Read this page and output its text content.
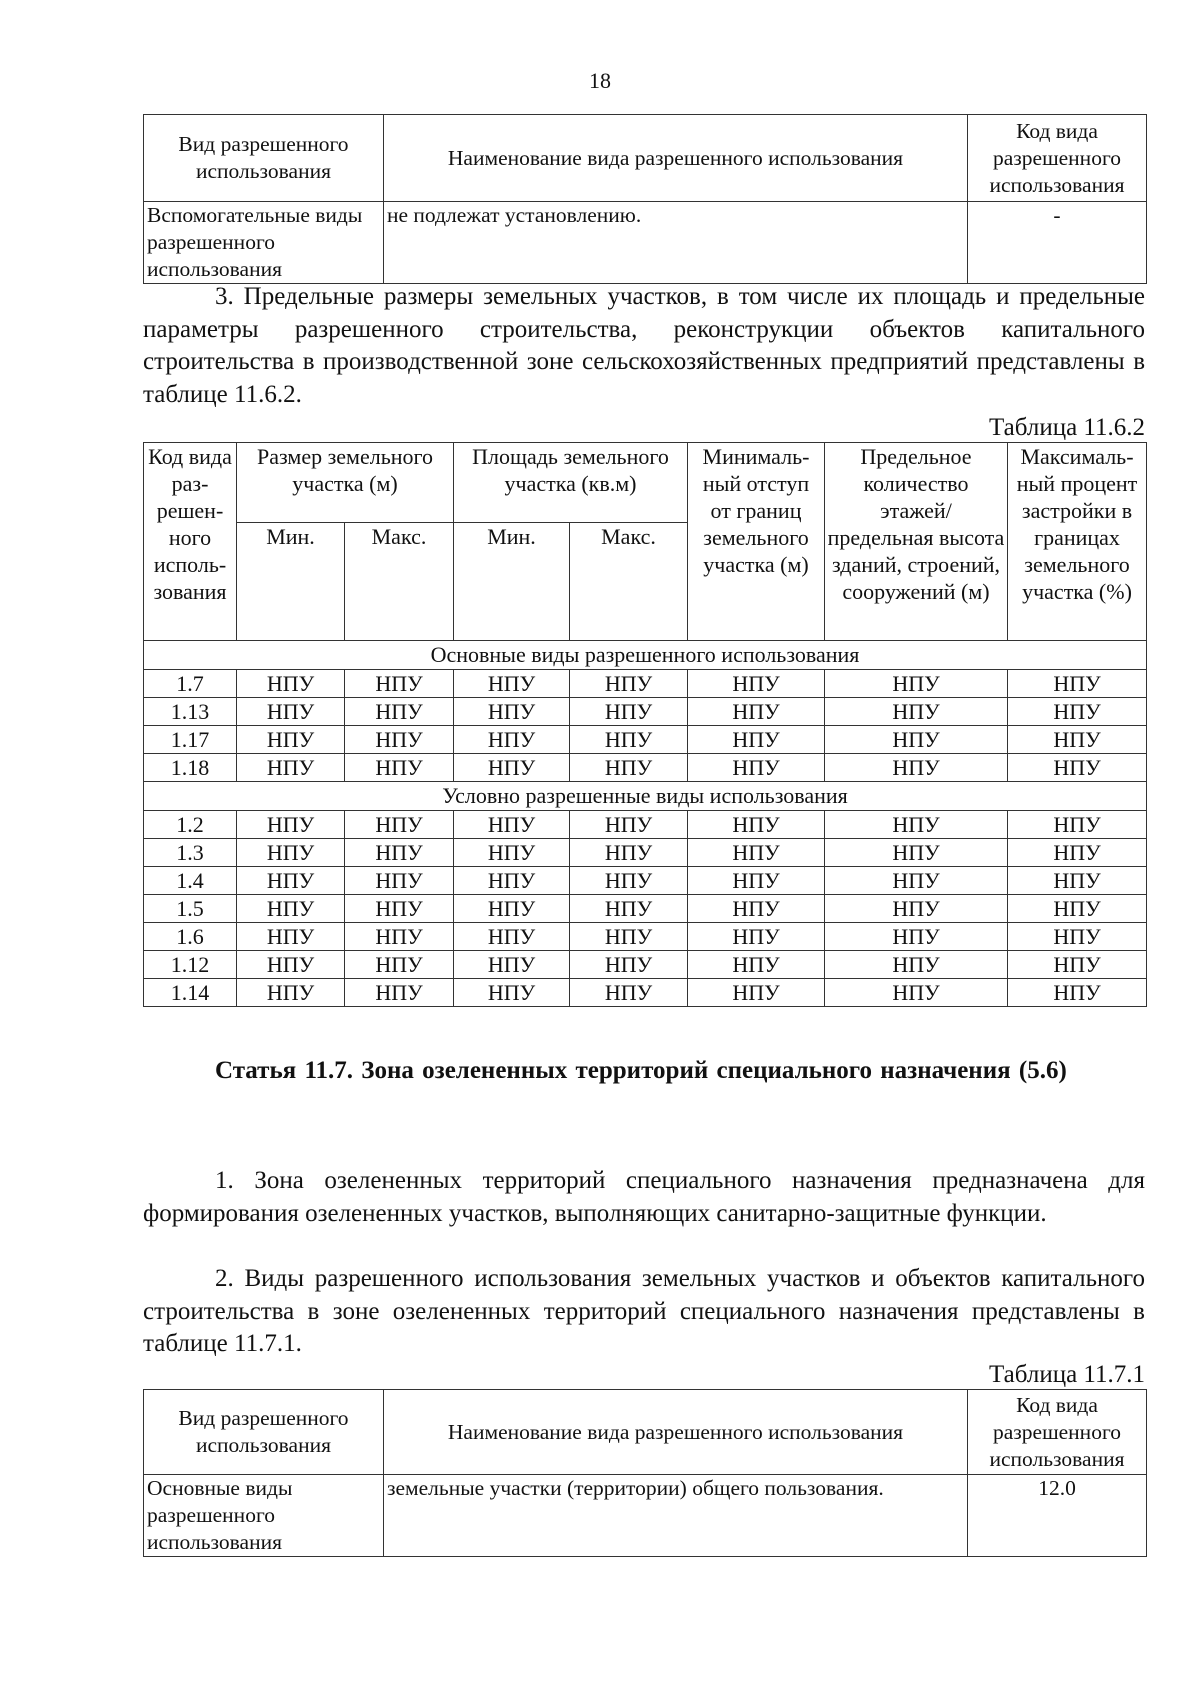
18
Вид разрешенного использования	Наименование вида разрешенного использования	Код вида разрешенного использования
Вспомогательные виды разрешенного использования	не подлежат установлению.	-

3. Предельные размеры земельных участков, в том числе их площадь и предельные параметры разрешенного строительства, реконструкции объектов капитального строительства в производственной зоне сельскохозяйственных предприятий представлены в таблице 11.6.2.

Таблица 11.6.2
Код вида раз-решен-ного исполь-зования	Размер земельного участка (м)		Площадь земельного участка (кв.м)		Минималь-ный отступ от границ земельного участка (м)	Предельное количество этажей/ предельная высота зданий, строений, сооружений (м)	Максималь-ный процент застройки в границах земельного участка (%)
	Мин.	Макс.	Мин.	Макс.			
Основные виды разрешенного использования							
1.7	НПУ	НПУ	НПУ	НПУ	НПУ	НПУ	НПУ
1.13	НПУ	НПУ	НПУ	НПУ	НПУ	НПУ	НПУ
1.17	НПУ	НПУ	НПУ	НПУ	НПУ	НПУ	НПУ
1.18	НПУ	НПУ	НПУ	НПУ	НПУ	НПУ	НПУ
Условно разрешенные виды использования							
1.2	НПУ	НПУ	НПУ	НПУ	НПУ	НПУ	НПУ
1.3	НПУ	НПУ	НПУ	НПУ	НПУ	НПУ	НПУ
1.4	НПУ	НПУ	НПУ	НПУ	НПУ	НПУ	НПУ
1.5	НПУ	НПУ	НПУ	НПУ	НПУ	НПУ	НПУ
1.6	НПУ	НПУ	НПУ	НПУ	НПУ	НПУ	НПУ
1.12	НПУ	НПУ	НПУ	НПУ	НПУ	НПУ	НПУ
1.14	НПУ	НПУ	НПУ	НПУ	НПУ	НПУ	НПУ
Статья 11.7. Зона озелененных территорий специального назначения (5.6)

1. Зона озелененных территорий специального назначения предназначена для формирования озелененных участков, выполняющих санитарно-защитные функции.

2. Виды разрешенного использования земельных участков и объектов капитального строительства в зоне озелененных территорий специального назначения представлены в таблице 11.7.1.

Таблица 11.7.1
Вид разрешенного использования	Наименование вида разрешенного использования	Код вида разрешенного использования
Основные виды разрешенного использования	земельные участки (территории) общего пользования.	12.0
